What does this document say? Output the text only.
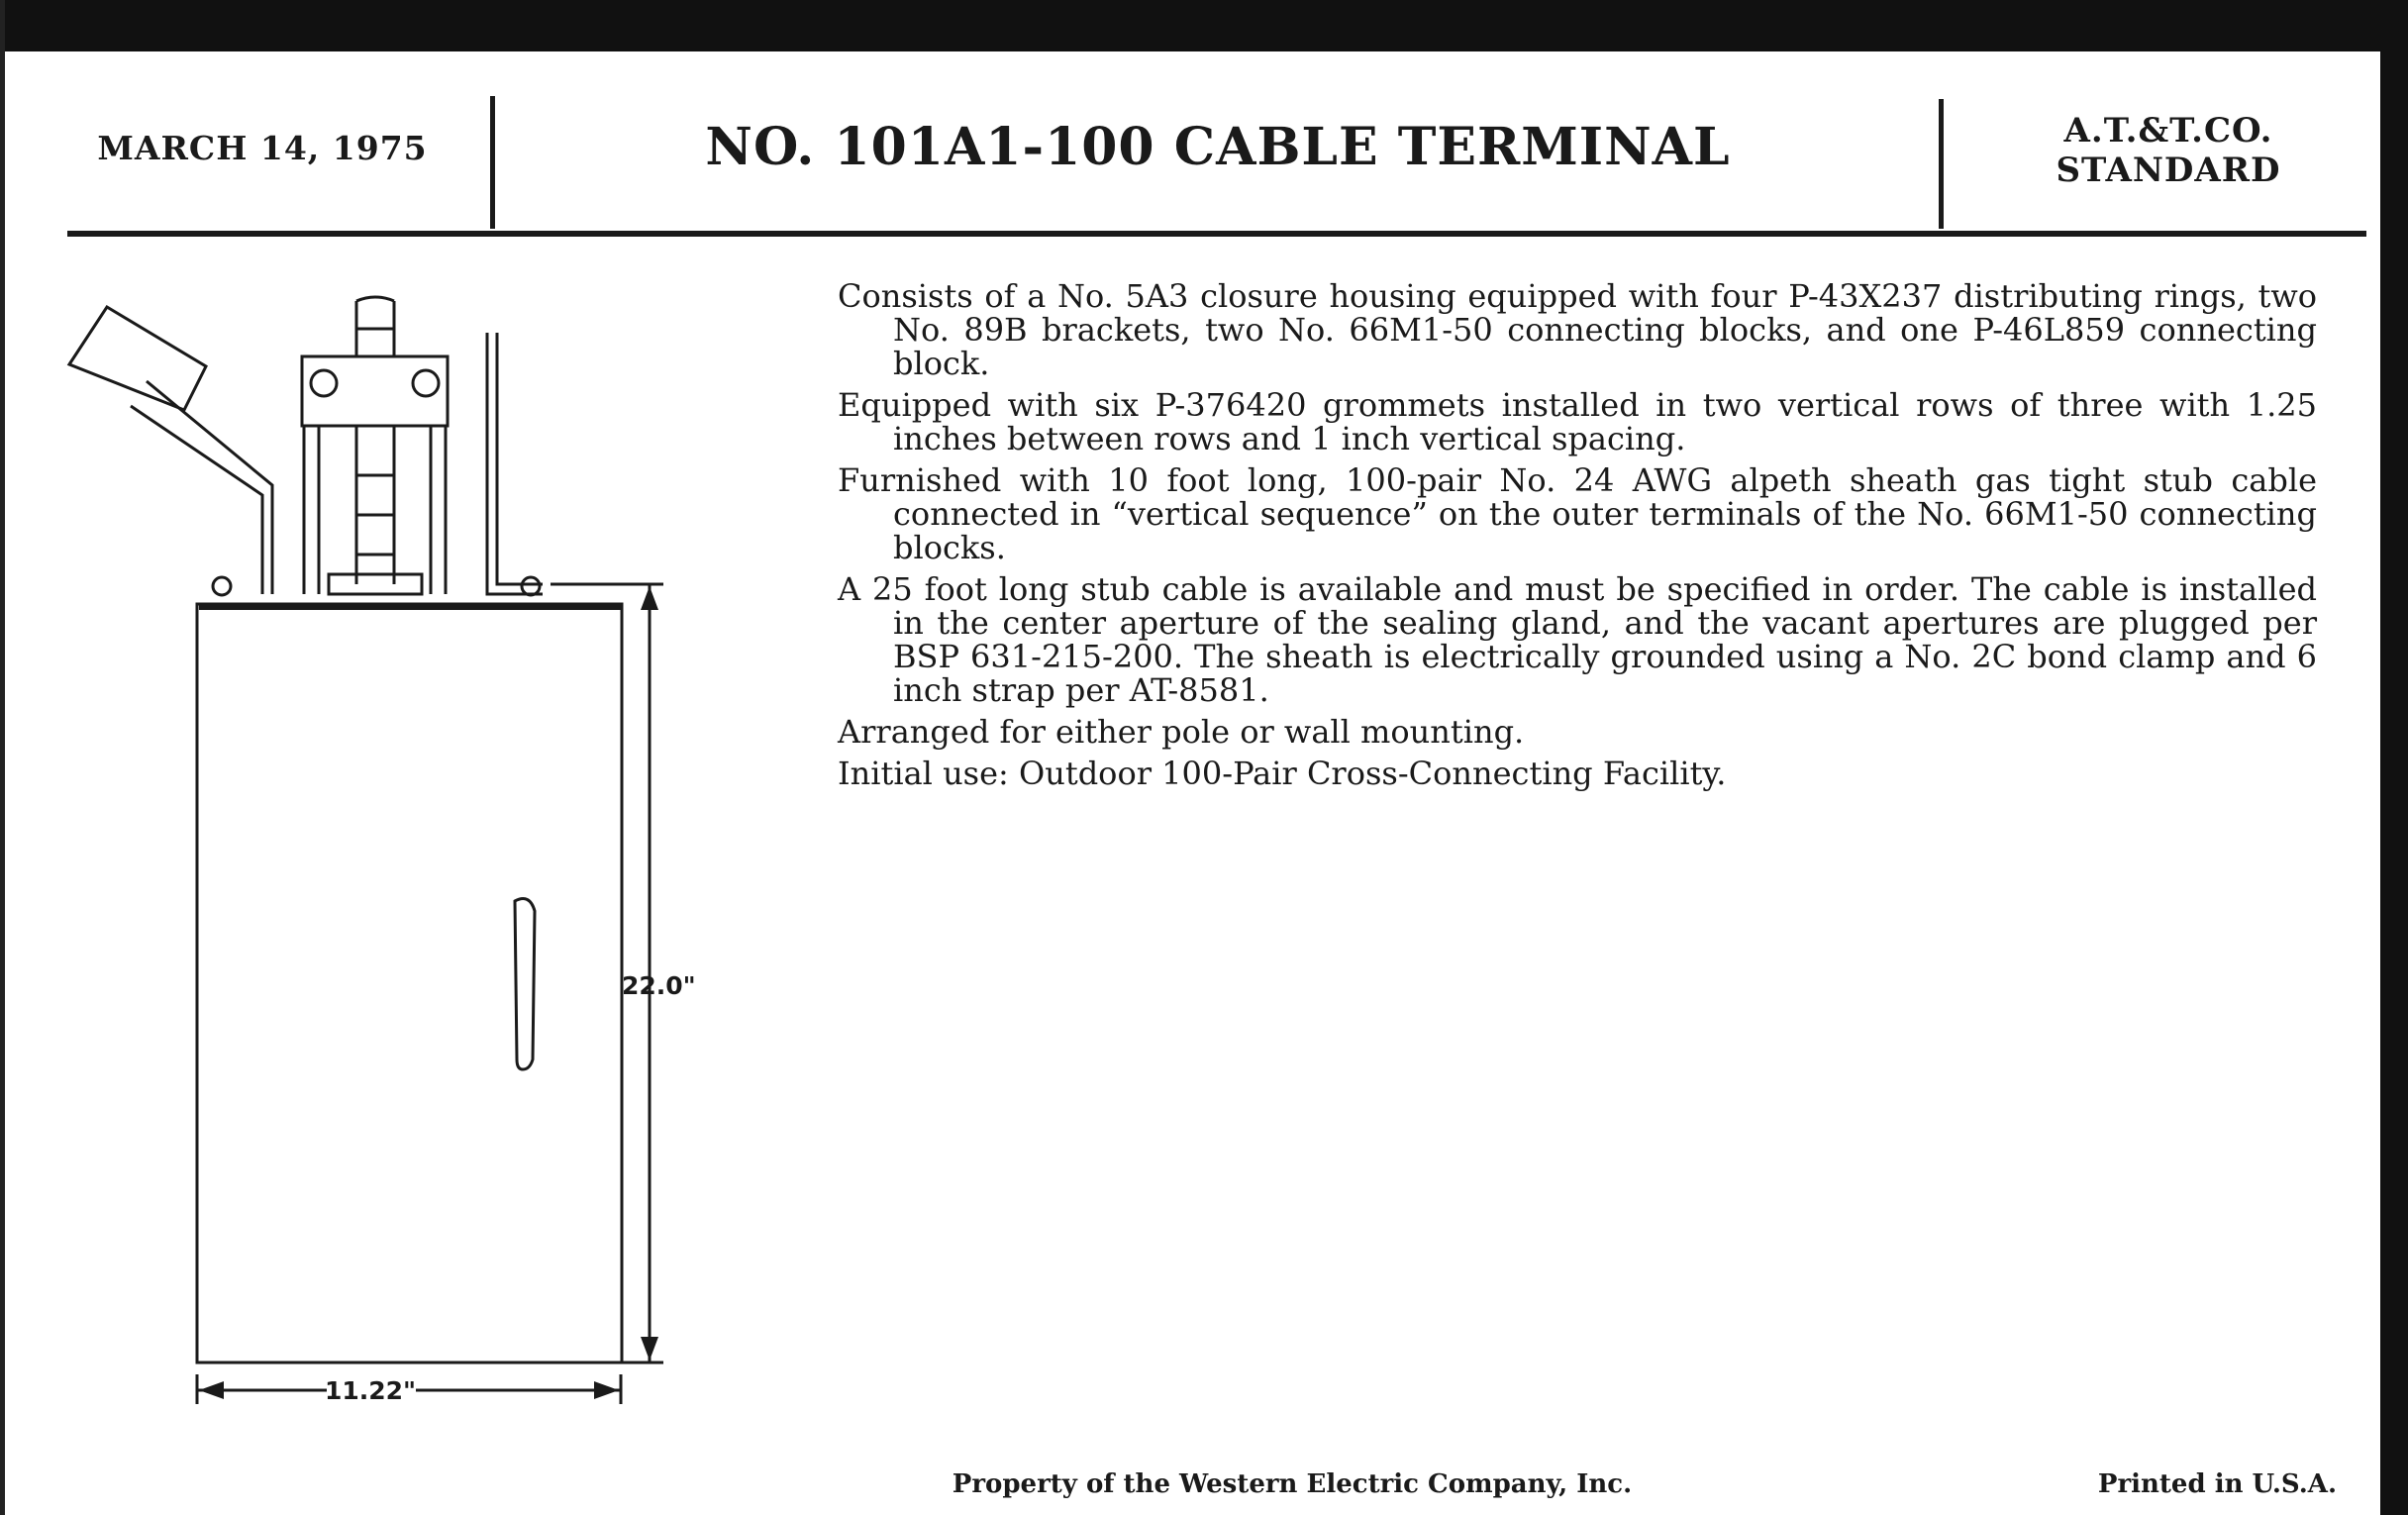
MARCH 14, 1975	NO. 101A1-100 CABLE TERMINAL	A.T.&T.CO.
STANDARD
22.0"
11.22"

Consists of a No. 5A3 closure housing equipped with four P-43X237 distributing rings, two No. 89B brackets, two No. 66M1-50 connecting blocks, and one P-46L859 connecting block.

Equipped with six P-376420 grommets installed in two vertical rows of three with 1.25 inches between rows and 1 inch vertical spacing.

Furnished with 10 foot long, 100-pair No. 24 AWG alpeth sheath gas tight stub cable connected in “vertical sequence” on the outer terminals of the No. 66M1-50 connecting blocks.

A 25 foot long stub cable is available and must be specified in order. The cable is installed in the center aperture of the sealing gland, and the vacant apertures are plugged per BSP 631-215-200. The sheath is electrically grounded using a No. 2C bond clamp and 6 inch strap per AT-8581.

Arranged for either pole or wall mounting.

Initial use: Outdoor 100-Pair Cross-Connecting Facility.

Property of the Western Electric Company, Inc.	Printed in U.S.A.
